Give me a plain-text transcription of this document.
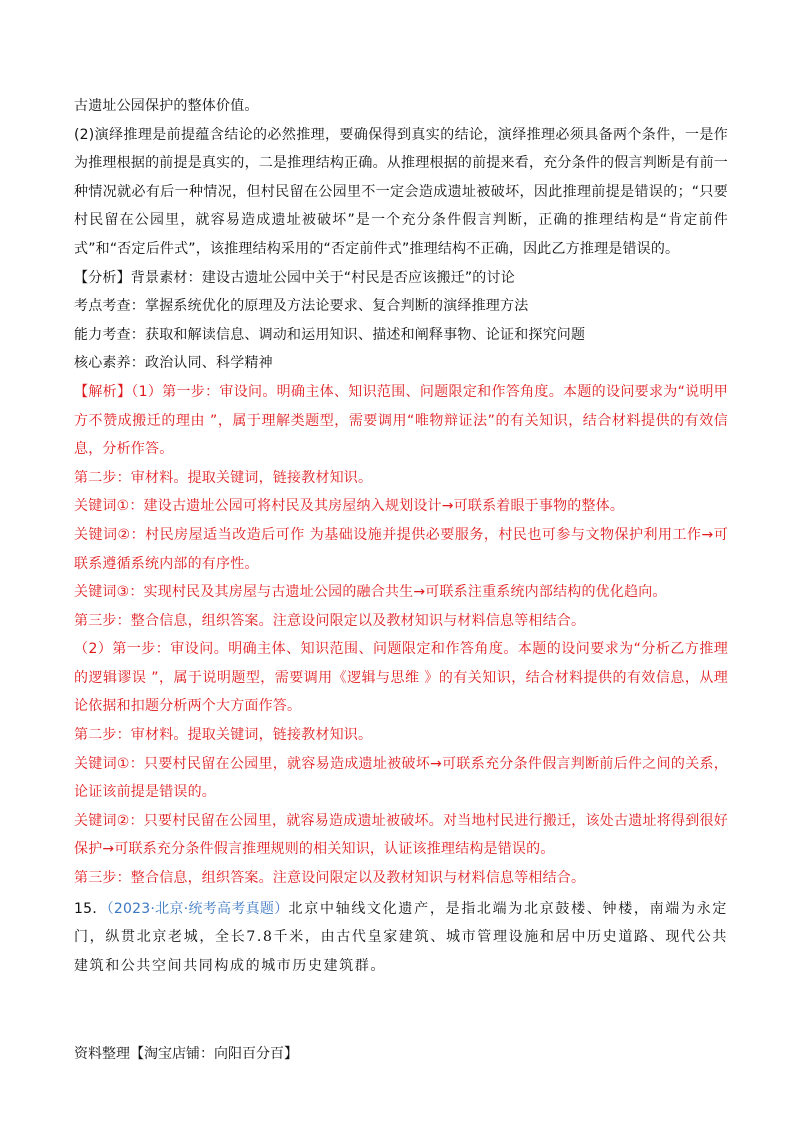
古遗址公园保护的整体价值。

(2)演绎推理是前提蕴含结论的必然推理，要确保得到真实的结论，演绎推理必须具备两个条件，一是作为推理根据的前提是真实的，二是推理结构正确。从推理根据的前提来看，充分条件的假言判断是有前一种情况就必有后一种情况，但村民留在公园里不一定会造成遗址被破坏，因此推理前提是错误的；“只要村民留在公园里，就容易造成遗址被破坏”是一个充分条件假言判断，正确的推理结构是“肯定前件式”和“否定后件式”，该推理结构采用的“否定前件式”推理结构不正确，因此乙方推理是错误的。

【分析】背景素材：建设古遗址公园中关于“村民是否应该搬迁”的讨论

考点考查：掌握系统优化的原理及方法论要求、复合判断的演绎推理方法

能力考查：获取和解读信息、调动和运用知识、描述和阐释事物、论证和探究问题

核心素养：政治认同、科学精神

【解析】（1）第一步：审设问。明确主体、知识范围、问题限定和作答角度。本题的设问要求为“说明甲方不赞成搬迁的理由 ”，属于理解类题型，需要调用“唯物辩证法”的有关知识，结合材料提供的有效信息，分析作答。

第二步：审材料。提取关键词，链接教材知识。

关键词①：建设古遗址公园可将村民及其房屋纳入规划设计→可联系着眼于事物的整体。

关键词②：村民房屋适当改造后可作 为基础设施并提供必要服务，村民也可参与文物保护利用工作→可联系遵循系统内部的有序性。

关键词③：实现村民及其房屋与古遗址公园的融合共生→可联系注重系统内部结构的优化趋向。

第三步：整合信息，组织答案。注意设问限定以及教材知识与材料信息等相结合。

（2）第一步：审设问。明确主体、知识范围、问题限定和作答角度。本题的设问要求为“分析乙方推理的逻辑谬误 ”，属于说明题型，需要调用《逻辑与思维 》的有关知识，结合材料提供的有效信息，从理论依据和扣题分析两个大方面作答。

第二步：审材料。提取关键词，链接教材知识。

关键词①：只要村民留在公园里，就容易造成遗址被破坏→可联系充分条件假言判断前后件之间的关系，论证该前提是错误的。

关键词②：只要村民留在公园里，就容易造成遗址被破坏。对当地村民进行搬迁，该处古遗址将得到很好保护→可联系充分条件假言推理规则的相关知识，认证该推理结构是错误的。

第三步：整合信息，组织答案。注意设问限定以及教材知识与材料信息等相结合。

15．（2023·北京·统考高考真题）北京中轴线文化遗产，是指北端为北京鼓楼、钟楼，南端为永定门，纵贯北京老城，全长7.8千米，由古代皇家建筑、城市管理设施和居中历史道路、现代公共建筑和公共空间共同构成的城市历史建筑群。

资料整理【淘宝店铺：向阳百分百】
